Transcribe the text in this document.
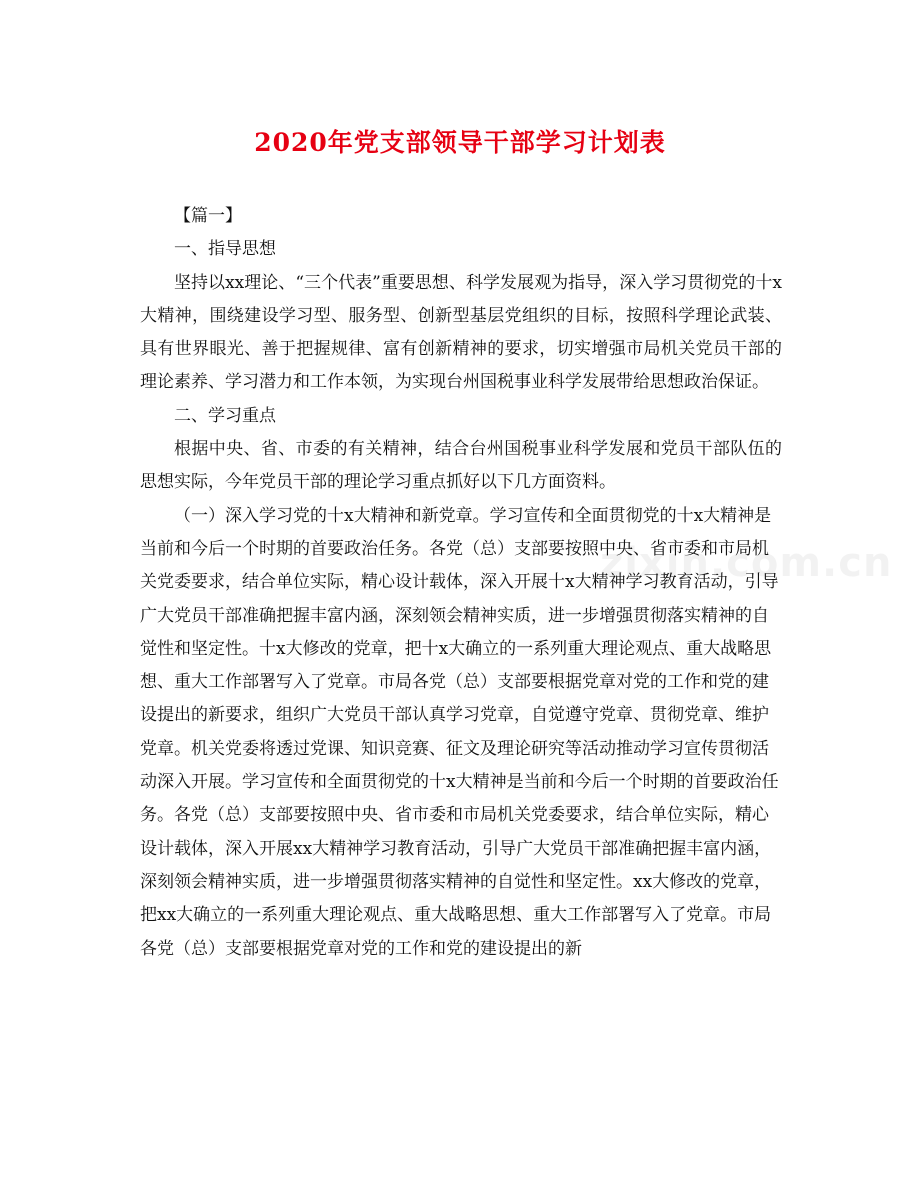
2020年党支部领导干部学习计划表
zixin.com.cn

【篇一】

一、指导思想

坚持以xx理论、“三个代表”重要思想、科学发展观为指导，深入学习贯彻党的十x大精神，围绕建设学习型、服务型、创新型基层党组织的目标，按照科学理论武装、具有世界眼光、善于把握规律、富有创新精神的要求，切实增强市局机关党员干部的理论素养、学习潜力和工作本领，为实现台州国税事业科学发展带给思想政治保证。

二、学习重点

根据中央、省、市委的有关精神，结合台州国税事业科学发展和党员干部队伍的思想实际，今年党员干部的理论学习重点抓好以下几方面资料。

（一）深入学习党的十x大精神和新党章。学习宣传和全面贯彻党的十x大精神是当前和今后一个时期的首要政治任务。各党（总）支部要按照中央、省市委和市局机关党委要求，结合单位实际，精心设计载体，深入开展十x大精神学习教育活动，引导广大党员干部准确把握丰富内涵，深刻领会精神实质，进一步增强贯彻落实精神的自觉性和坚定性。十x大修改的党章，把十x大确立的一系列重大理论观点、重大战略思想、重大工作部署写入了党章。市局各党（总）支部要根据党章对党的工作和党的建设提出的新要求，组织广大党员干部认真学习党章，自觉遵守党章、贯彻党章、维护党章。机关党委将透过党课、知识竞赛、征文及理论研究等活动推动学习宣传贯彻活动深入开展。学习宣传和全面贯彻党的十x大精神是当前和今后一个时期的首要政治任务。各党（总）支部要按照中央、省市委和市局机关党委要求，结合单位实际，精心设计载体，深入开展xx大精神学习教育活动，引导广大党员干部准确把握丰富内涵，深刻领会精神实质，进一步增强贯彻落实精神的自觉性和坚定性。xx大修改的党章，把xx大确立的一系列重大理论观点、重大战略思想、重大工作部署写入了党章。市局各党（总）支部要根据党章对党的工作和党的建设提出的新
